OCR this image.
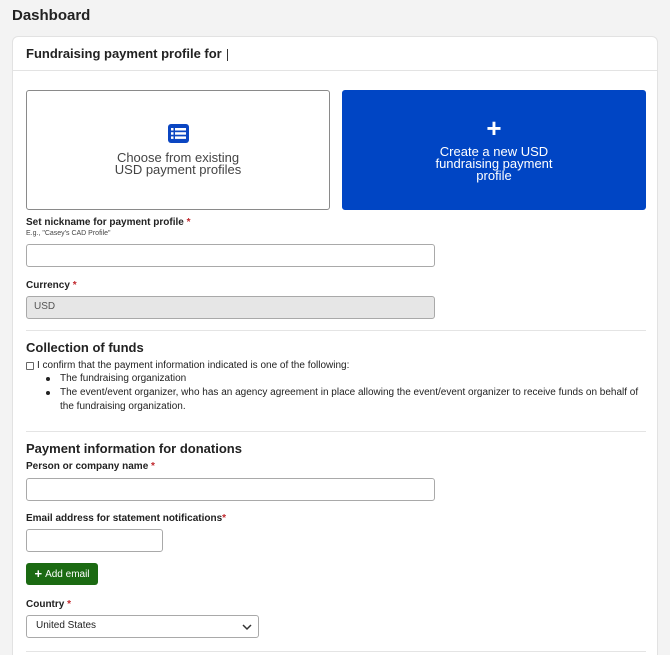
Dashboard
Fundraising payment profile for
Choose from existing
USD payment profiles
+
Create a new USD
fundraising payment
profile
Set nickname for payment profile *
E.g., "Casey's CAD Profile"
Currency *
USD
Collection of funds
I confirm that the payment information indicated is one of the following:
The fundraising organization
The event/event organizer, who has an agency agreement in place allowing the event/event organizer to receive funds on behalf of the fundraising organization.
Payment information for donations
Person or company name *
Email address for statement notifications*
+ Add email
Country *
United States
